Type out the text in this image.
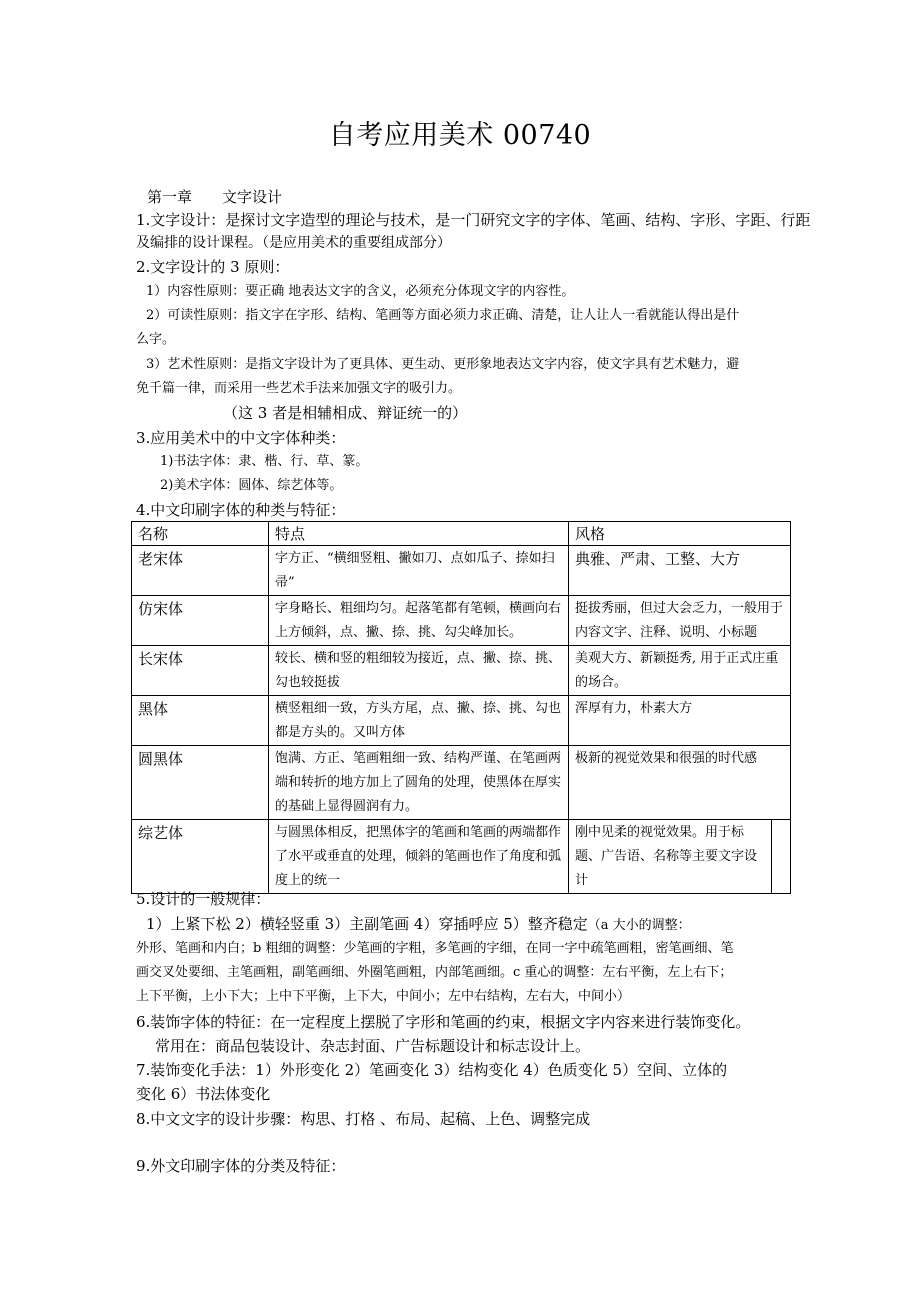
自考应用美术 00740
第一章　　文字设计
1.文字设计：是探讨文字造型的理论与技术，是一门研究文字的字体、笔画、结构、字形、字距、行距
及编排的设计课程。（是应用美术的重要组成部分）
2.文字设计的 3 原则：
1）内容性原则：要正确 地表达文字的含义，必须充分体现文字的内容性。
2）可读性原则：指文字在字形、结构、笔画等方面必须力求正确、清楚，让人让人一看就能认得出是什
么字。
3）艺术性原则：是指文字设计为了更具体、更生动、更形象地表达文字内容，使文字具有艺术魅力，避
免千篇一律，而采用一些艺术手法来加强文字的吸引力。
（这 3 者是相辅相成、辩证统一的）
3.应用美术中的中文字体种类：
1)书法字体：隶、楷、行、草、篆。
2)美术字体：圆体、综艺体等。
4.中文印刷字体的种类与特征：
名称	特点	风格
老宋体	字方正、“横细竖粗、撇如刀、点如瓜子、捺如扫帚”	典雅、严肃、工整、大方
仿宋体	字身略长、粗细均匀。起落笔都有笔顿，横画向右上方倾斜，点、撇、捺、挑、勾尖峰加长。	挺拔秀丽，但过大会乏力，一般用于内容文字、注释、说明、小标题
长宋体	较长、横和竖的粗细较为接近，点、撇、捺、挑、勾也较挺拔	美观大方、新颖挺秀, 用于正式庄重的场合。
黑体	横竖粗细一致，方头方尾，点、撇、捺、挑、勾也都是方头的。又叫方体	浑厚有力，朴素大方
圆黑体	饱满、方正、笔画粗细一致、结构严谨、在笔画两端和转折的地方加上了圆角的处理，使黑体在厚实的基础上显得圆润有力。	极新的视觉效果和很强的时代感
综艺体	与圆黑体相反，把黑体字的笔画和笔画的两端都作了水平或垂直的处理，倾斜的笔画也作了角度和弧度上的统一	刚中见柔的视觉效果。用于标题、广告语、名称等主要文字设计
5.设计的一般规律：
1）上紧下松 2）横轻竖重 3）主副笔画 4）穿插呼应 5）整齐稳定（a 大小的调整：
外形、笔画和内白；b 粗细的调整：少笔画的字粗，多笔画的字细，在同一字中疏笔画粗，密笔画细、笔
画交叉处要细、主笔画粗，副笔画细、外圈笔画粗，内部笔画细。c 重心的调整：左右平衡，左上右下；
上下平衡，上小下大；上中下平衡，上下大，中间小；左中右结构，左右大，中间小）
6.装饰字体的特征：在一定程度上摆脱了字形和笔画的约束，根据文字内容来进行装饰变化。
常用在：商品包装设计、杂志封面、广告标题设计和标志设计上。
7.装饰变化手法：1）外形变化 2）笔画变化 3）结构变化 4）色质变化 5）空间、立体的
变化 6）书法体变化
8.中文文字的设计步骤：构思、打格 、布局、起稿、上色、调整完成
9.外文印刷字体的分类及特征：
